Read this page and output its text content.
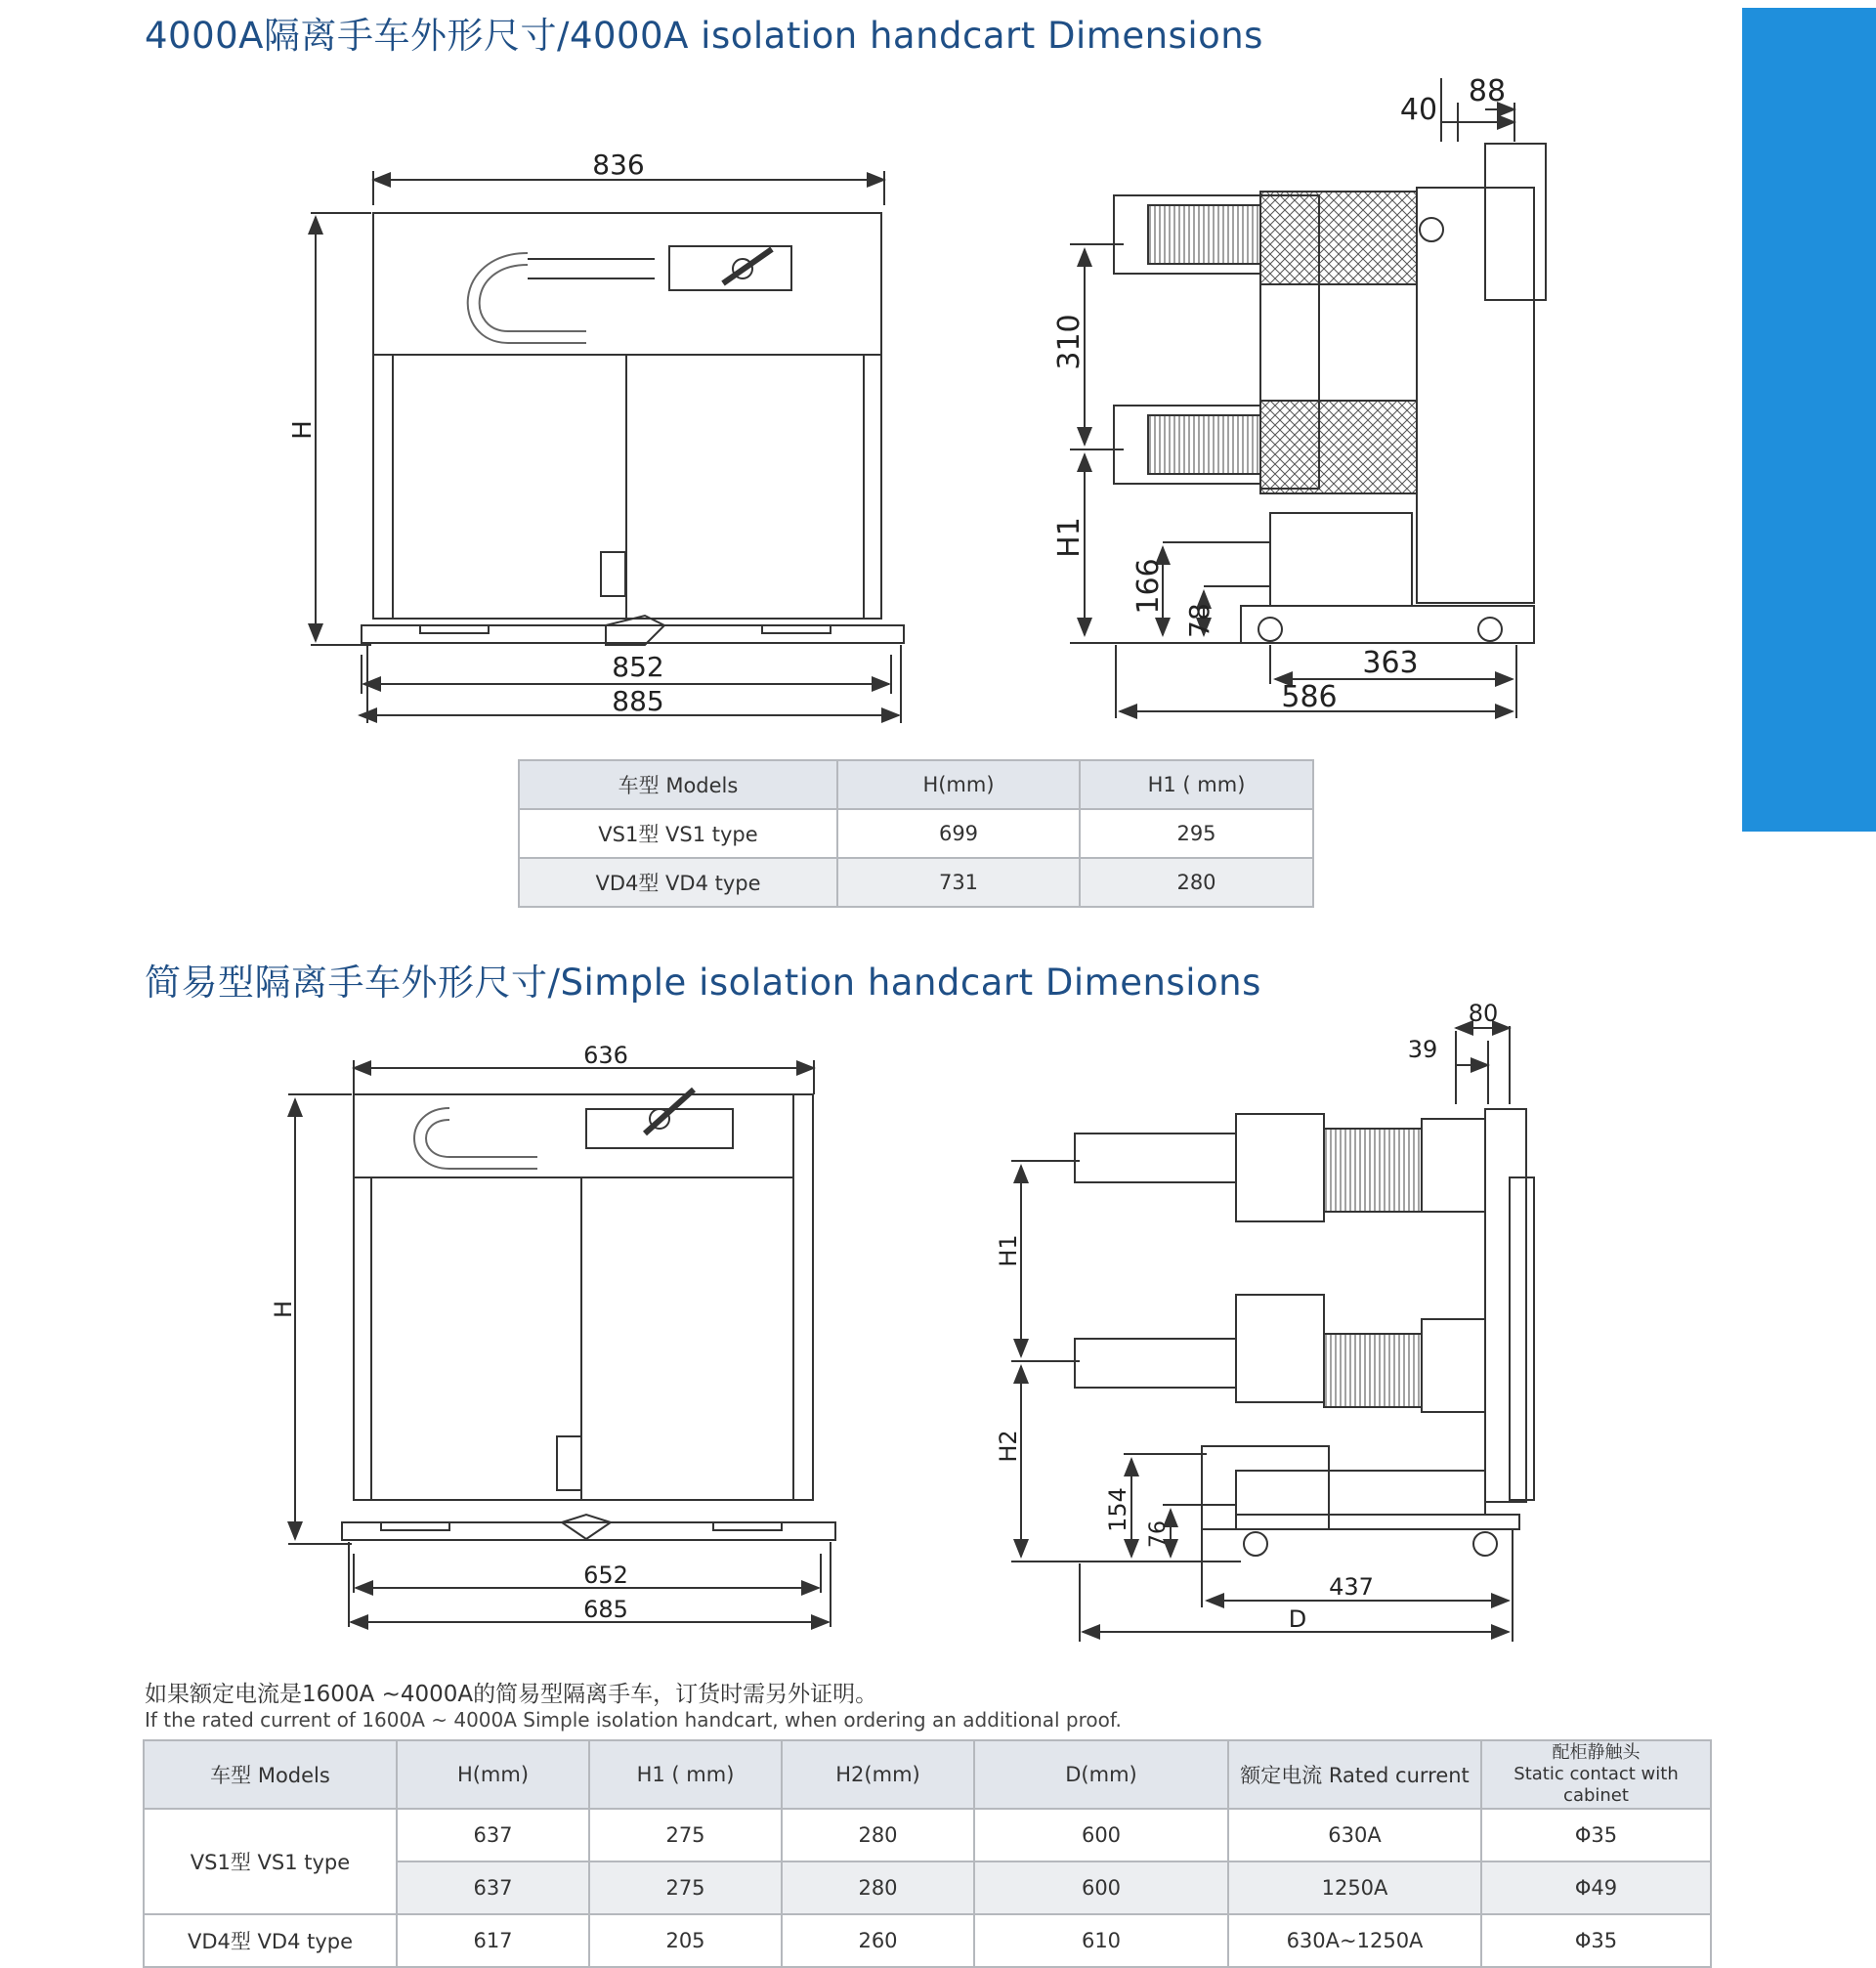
4000A隔离手车外形尺寸/4000A isolation handcart Dimensions
836
H
852
885
40
88
310
H1
166
78
363
586
636
H
652
685
80
39
H1
H2
154
76
437
D
车型 Models	H(mm)	H1 ( mm)
VS1型 VS1 type	699	295
VD4型 VD4 type	731	280
简易型隔离手车外形尺寸/Simple isolation handcart Dimensions
如果额定电流是1600A ~4000A的简易型隔离手车，订货时需另外证明。
If the rated current of 1600A ~ 4000A Simple isolation handcart, when ordering an additional proof.
车型 Models	H(mm)	H1 ( mm)	H2(mm)	D(mm)	额定电流 Rated current	配柜静触头
Static contact with cabinet

VS1型 VS1 type	637	275	280	600	630A	Φ35
	637	275	280	600	1250A	Φ49
VD4型 VD4 type	617	205	260	610	630A~1250A	Φ35
